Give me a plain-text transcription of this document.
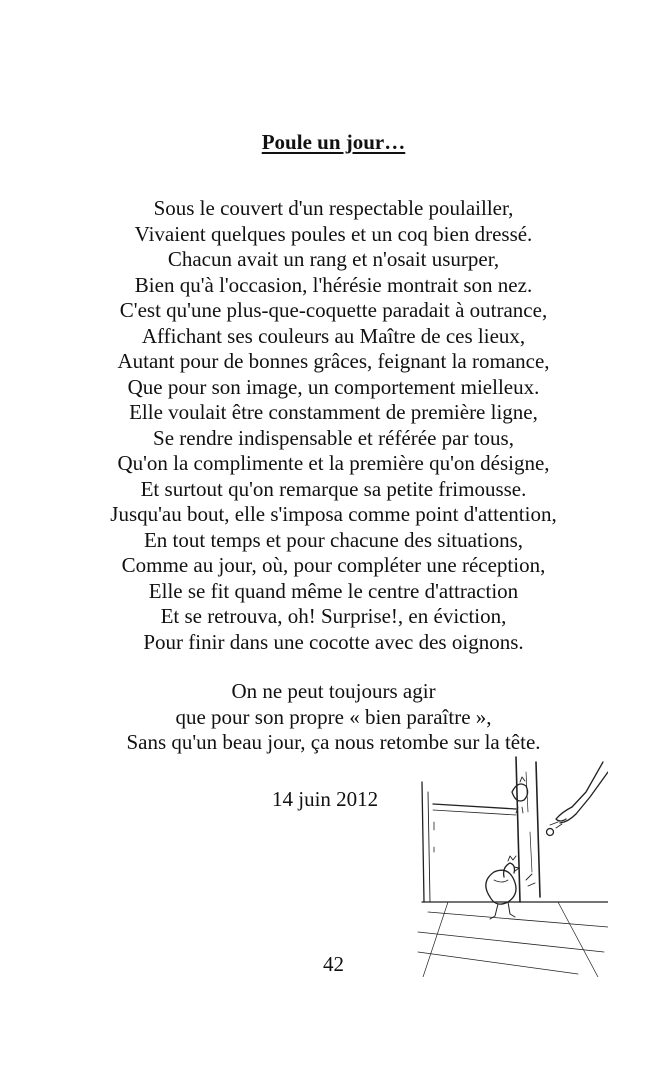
Poule un jour…
Sous le couvert d'un respectable poulailler,
Vivaient quelques poules et un coq bien dressé.
Chacun avait un rang et n'osait usurper,
Bien qu'à l'occasion, l'hérésie montrait son nez.
C'est qu'une plus-que-coquette paradait à outrance,
Affichant ses couleurs au Maître de ces lieux,
Autant pour de bonnes grâces, feignant la romance,
Que pour son image, un comportement mielleux.
Elle voulait être constamment de première ligne,
Se rendre indispensable et référée par tous,
Qu'on la complimente et la première qu'on désigne,
Et surtout qu'on remarque sa petite frimousse.
Jusqu'au bout, elle s'imposa comme point d'attention,
En tout temps et pour chacune des situations,
Comme au jour, où, pour compléter une réception,
Elle se fit quand même le centre d'attraction
Et se retrouva, oh! Surprise!, en éviction,
Pour finir dans une cocotte avec des oignons.
On ne peut toujours agir
que pour son propre « bien paraître »,
Sans qu'un beau jour, ça nous retombe sur la tête.
14 juin 2012
42
